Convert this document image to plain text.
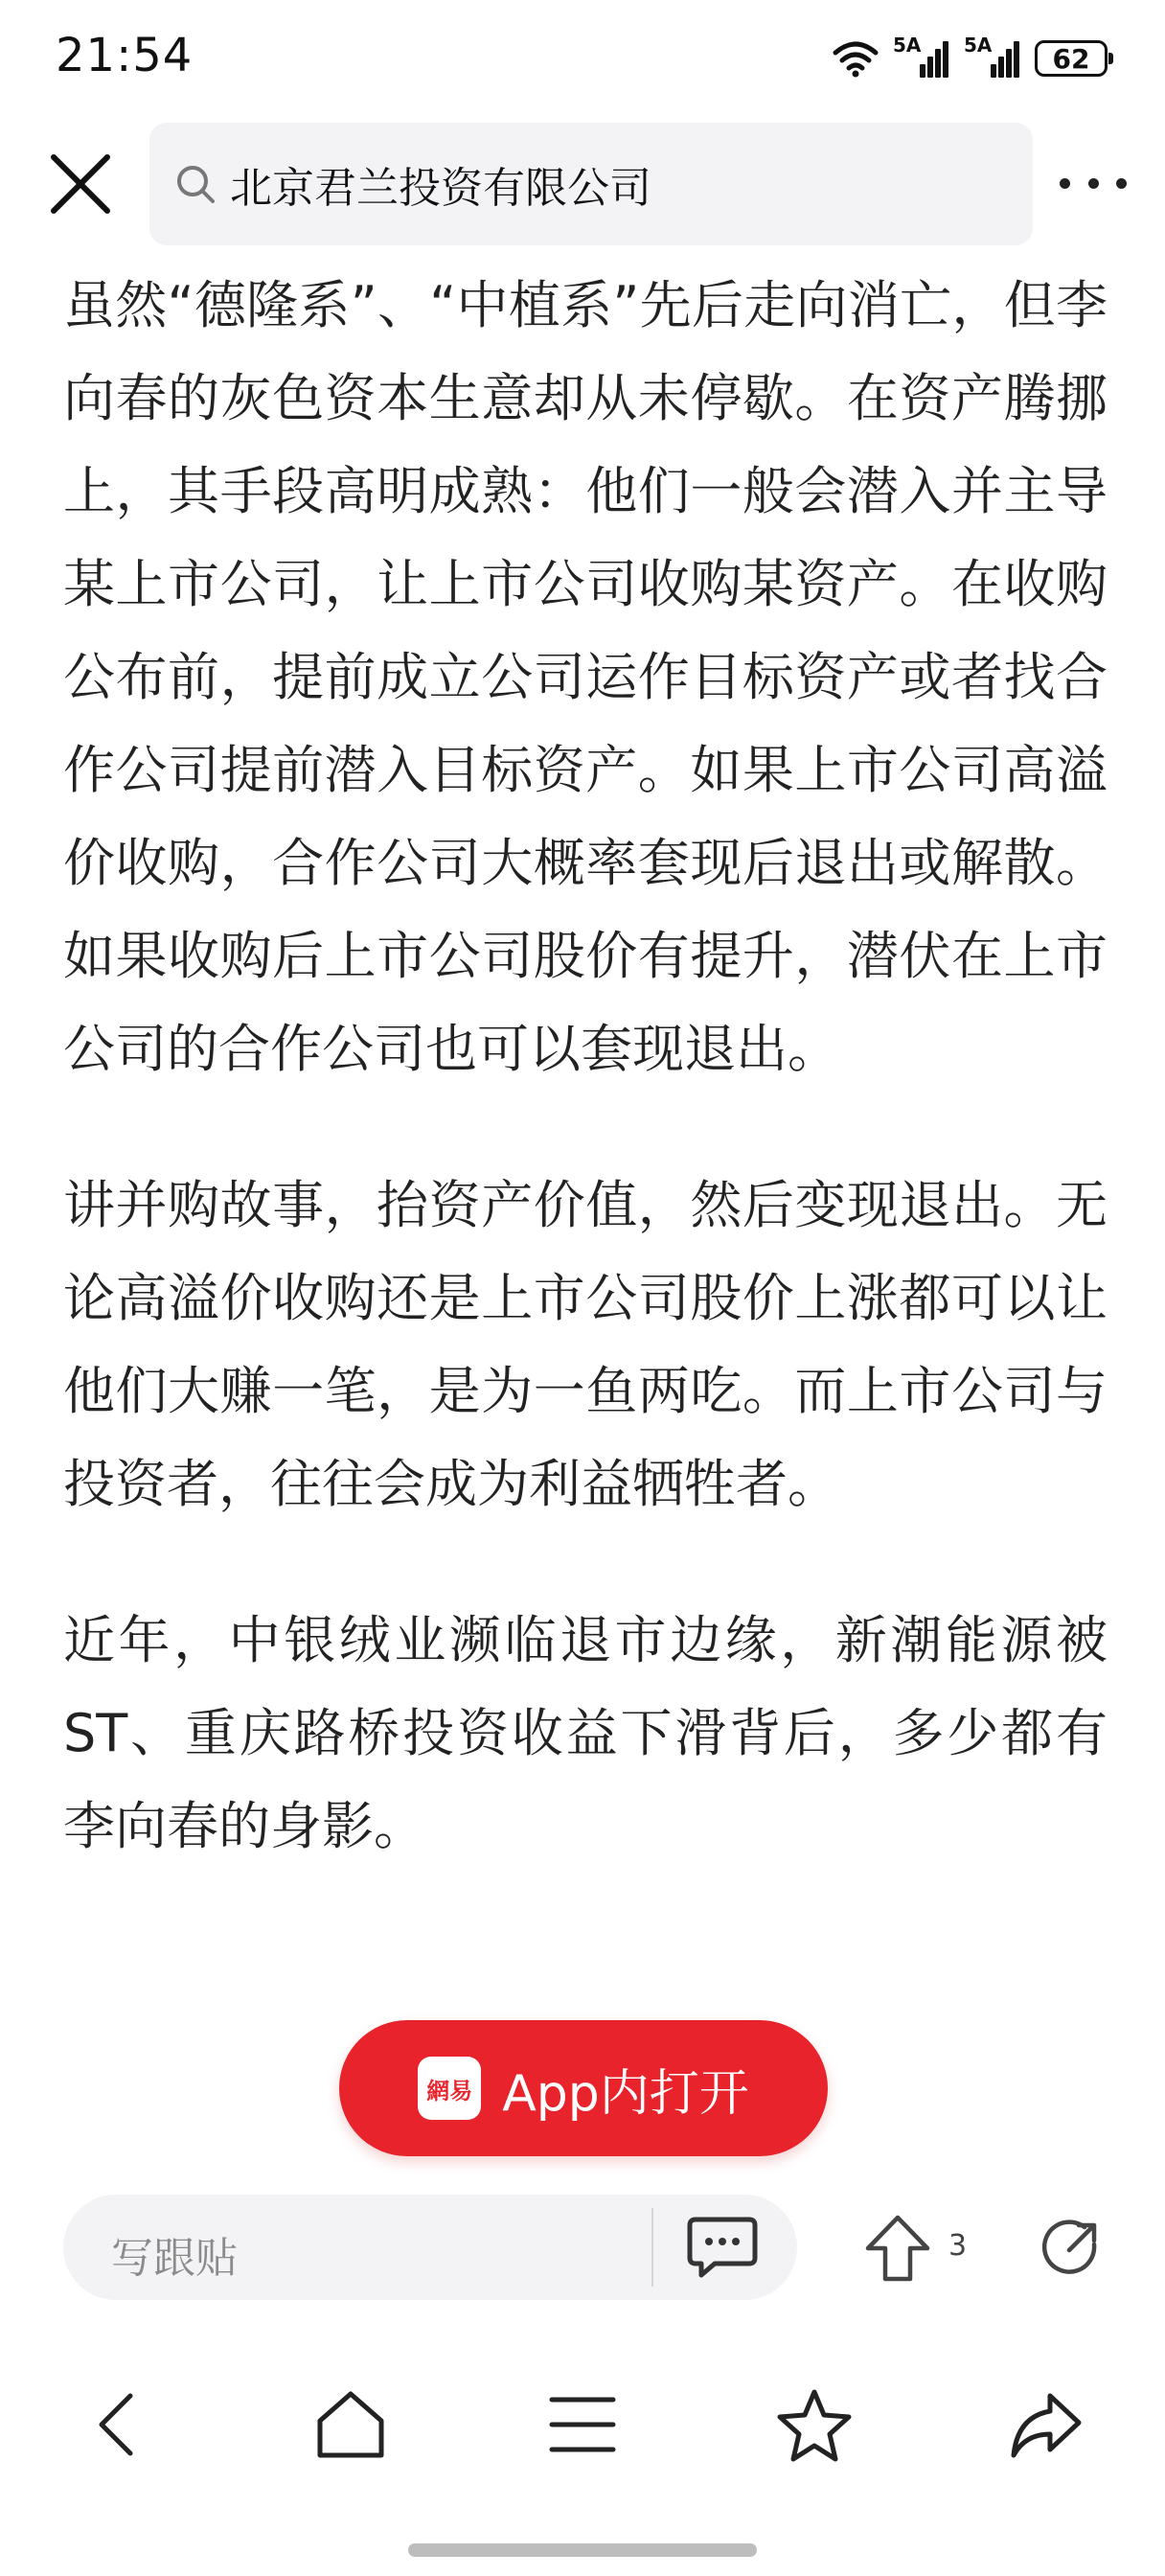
21:54	5A 5A 62
北京君兰投资有限公司

虽然“德隆系”、“中植系”先后走向消亡，但李向春的灰色资本生意却从未停歇。在资产腾挪上，其手段高明成熟：他们一般会潜入并主导某上市公司，让上市公司收购某资产。在收购公布前，提前成立公司运作目标资产或者找合作公司提前潜入目标资产。如果上市公司高溢价收购，合作公司大概率套现后退出或解散。如果收购后上市公司股价有提升，潜伏在上市公司的合作公司也可以套现退出。

讲并购故事，抬资产价值，然后变现退出。无论高溢价收购还是上市公司股价上涨都可以让他们大赚一笔，是为一鱼两吃。而上市公司与投资者，往往会成为利益牺牲者。

近年，中银绒业濒临退市边缘，新潮能源被ST、重庆路桥投资收益下滑背后，多少都有李向春的身影。

網易 App内打开
写跟贴	3
